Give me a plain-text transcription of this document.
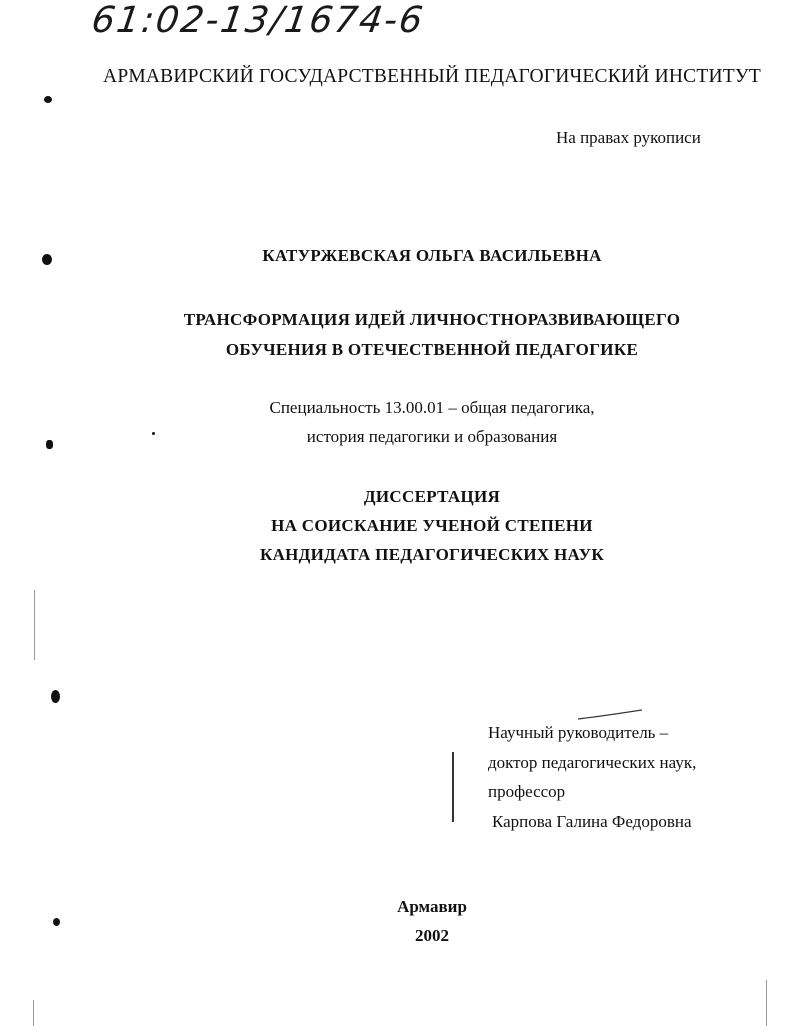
61:02-13/1674-6
АРМАВИРСКИЙ ГОСУДАРСТВЕННЫЙ ПЕДАГОГИЧЕСКИЙ ИНСТИТУТ
На правах рукописи
КАТУРЖЕВСКАЯ ОЛЬГА ВАСИЛЬЕВНА
ТРАНСФОРМАЦИЯ ИДЕЙ ЛИЧНОСТНОРАЗВИВАЮЩЕГО
ОБУЧЕНИЯ В ОТЕЧЕСТВЕННОЙ ПЕДАГОГИКЕ
Специальность 13.00.01 – общая педагогика,
история педагогики и образования
ДИССЕРТАЦИЯ
НА СОИСКАНИЕ УЧЕНОЙ СТЕПЕНИ
КАНДИДАТА ПЕДАГОГИЧЕСКИХ НАУК
Научный руководитель –
доктор педагогических наук,
профессор
Карпова Галина Федоровна
Армавир
2002
